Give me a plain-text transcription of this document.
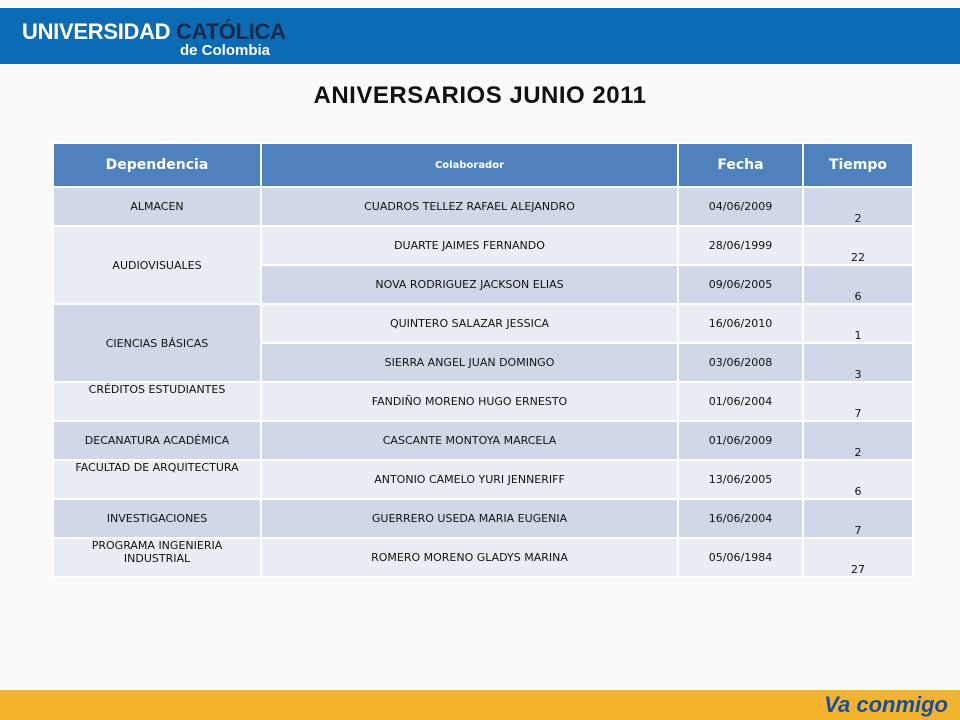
UNIVERSIDAD CATÓLICA
de Colombia
ANIVERSARIOS JUNIO 2011
Dependencia	Colaborador	Fecha	Tiempo
ALMACEN	CUADROS TELLEZ RAFAEL ALEJANDRO	04/06/2009	2
AUDIOVISUALES	DUARTE JAIMES FERNANDO	28/06/1999	22
	NOVA RODRIGUEZ JACKSON ELIAS	09/06/2005	6
CIENCIAS BÁSICAS	QUINTERO SALAZAR JESSICA	16/06/2010	1
	SIERRA ANGEL JUAN DOMINGO	03/06/2008	3
CRÉDITOS ESTUDIANTES	FANDIÑO MORENO HUGO ERNESTO	01/06/2004	7
DECANATURA ACADÉMICA	CASCANTE MONTOYA MARCELA	01/06/2009	2
FACULTAD DE ARQUITECTURA	ANTONIO CAMELO YURI JENNERIFF	13/06/2005	6
INVESTIGACIONES	GUERRERO USEDA MARIA EUGENIA	16/06/2004	7
PROGRAMA INGENIERIA INDUSTRIAL	ROMERO MORENO GLADYS MARINA	05/06/1984	27
Va conmigo
